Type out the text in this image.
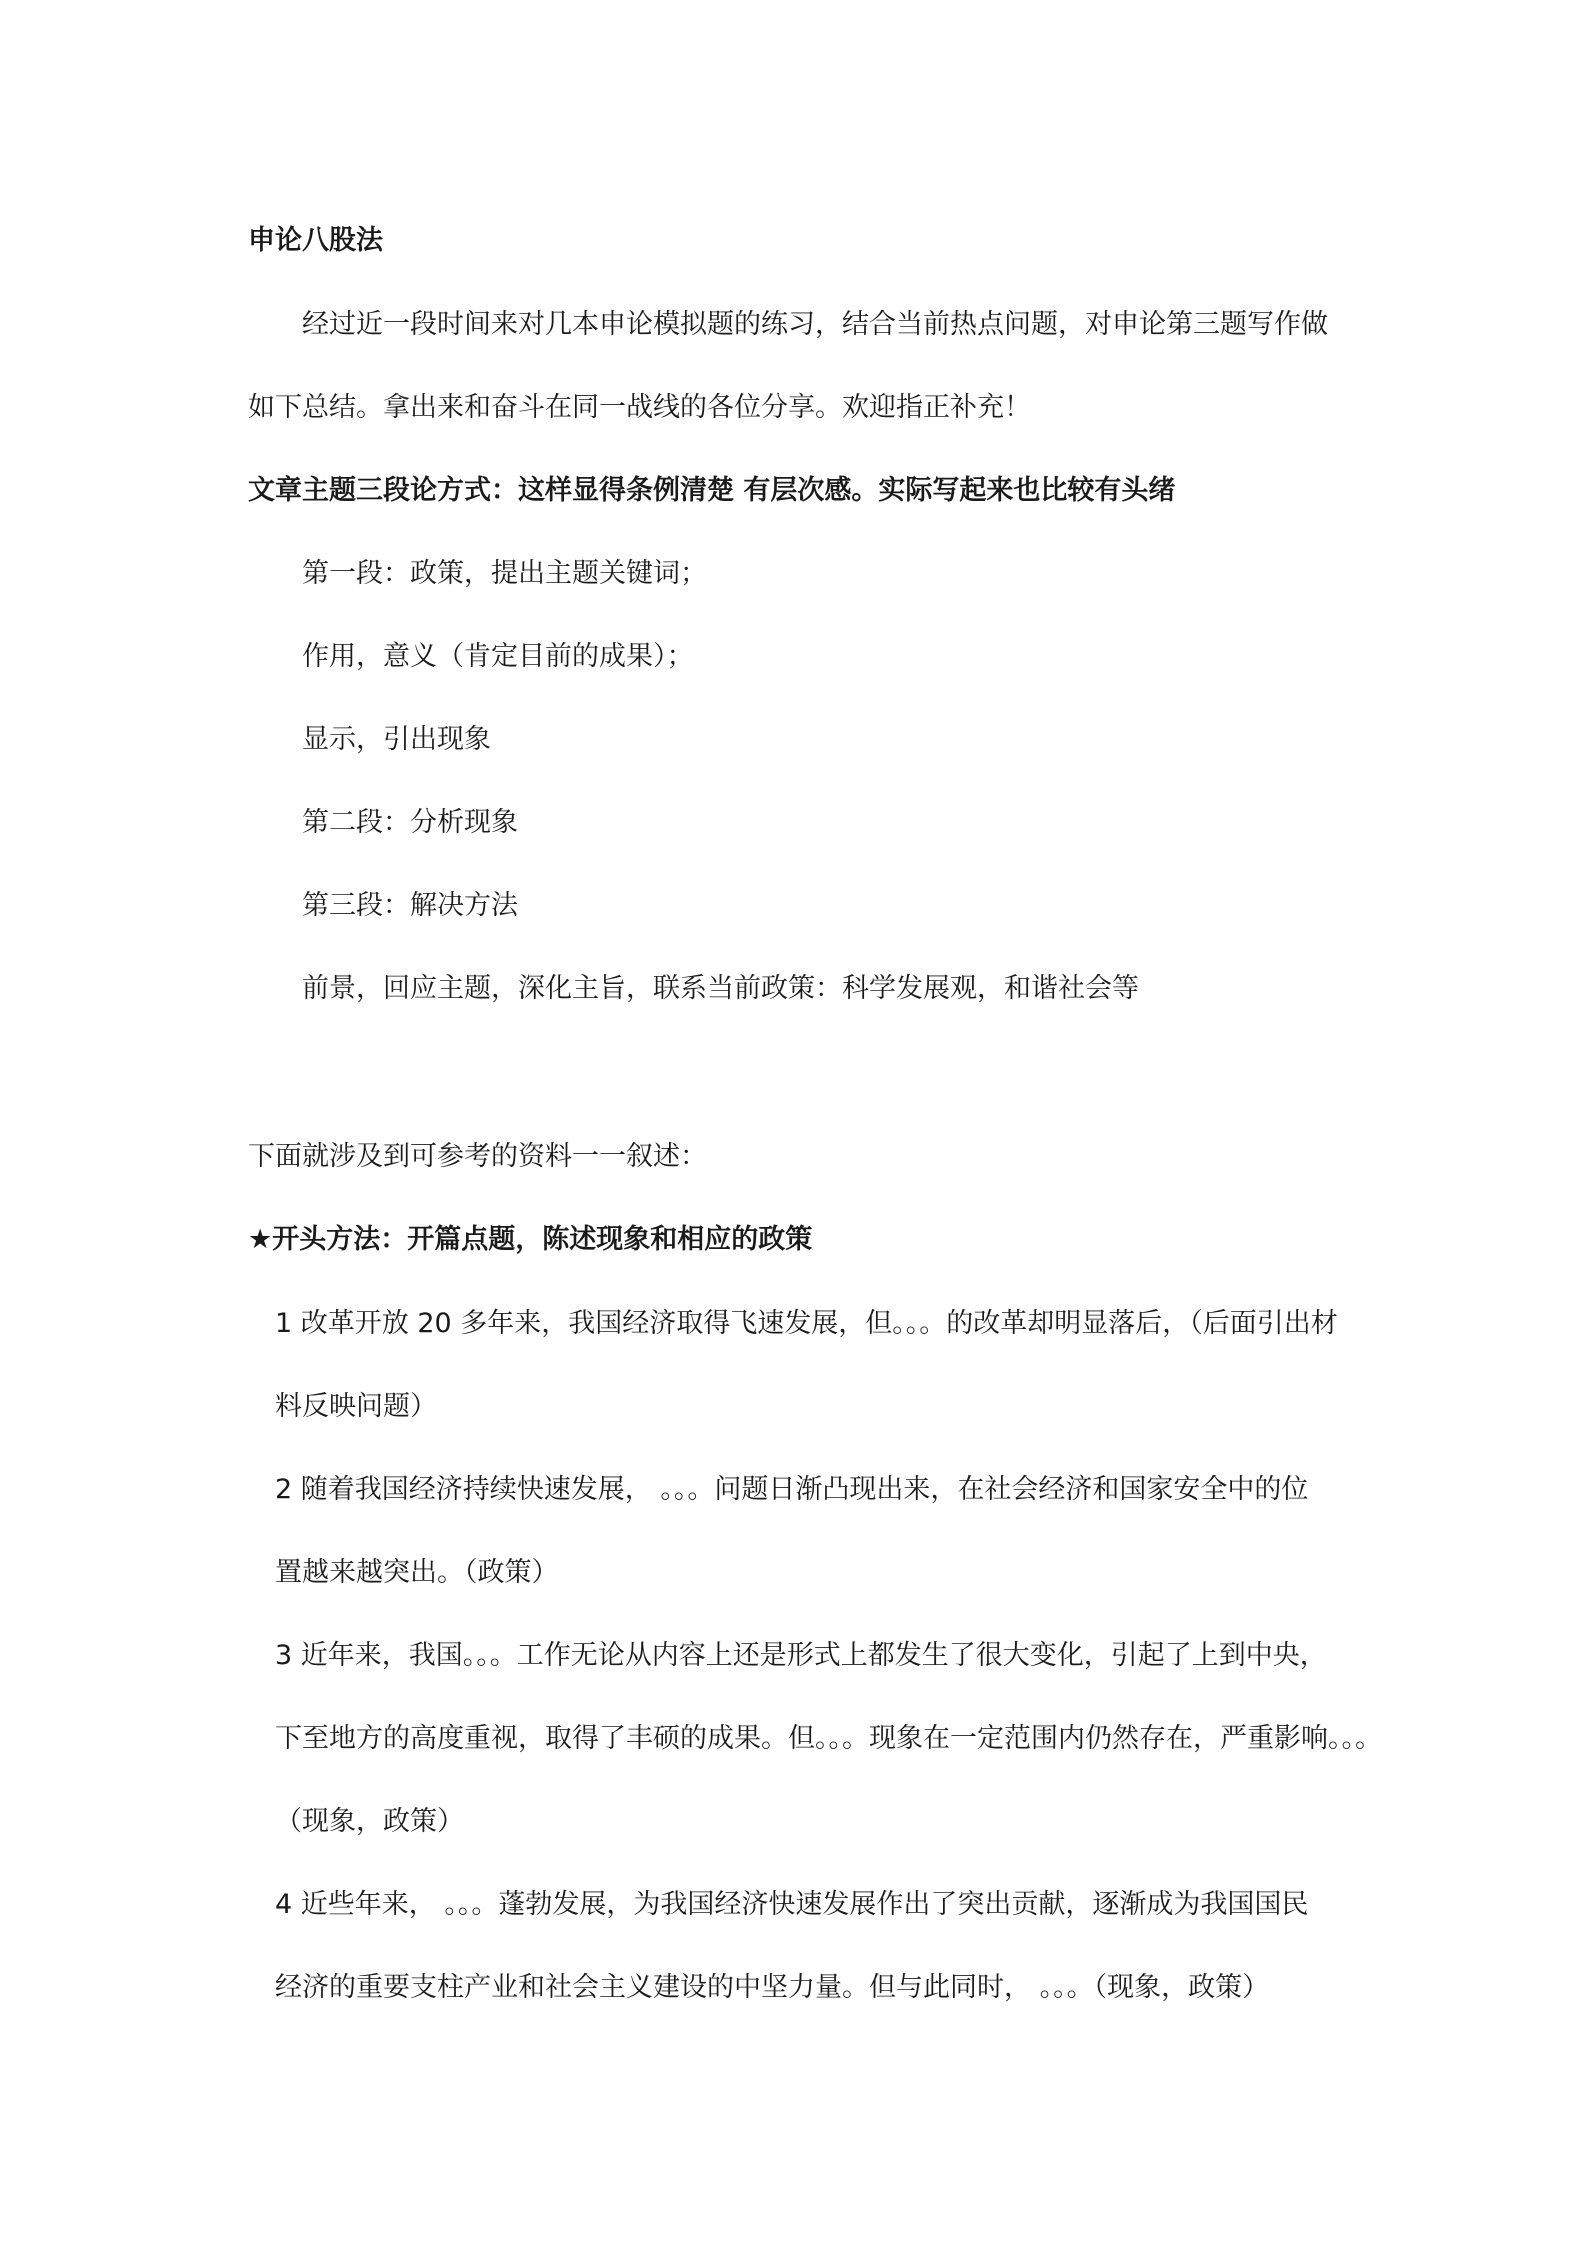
申论八股法
经过近一段时间来对几本申论模拟题的练习，结合当前热点问题，对申论第三题写作做
如下总结。拿出来和奋斗在同一战线的各位分享。欢迎指正补充！
文章主题三段论方式：这样显得条例清楚 有层次感。实际写起来也比较有头绪
第一段：政策，提出主题关键词；
作用，意义（肯定目前的成果）；
显示，引出现象
第二段：分析现象
第三段：解决方法
前景，回应主题，深化主旨，联系当前政策：科学发展观，和谐社会等
下面就涉及到可参考的资料一一叙述：
★开头方法：开篇点题，陈述现象和相应的政策
1 改革开放 20 多年来，我国经济取得飞速发展，但。。。的改革却明显落后，（后面引出材
料反映问题）
2 随着我国经济持续快速发展， 。。。问题日渐凸现出来，在社会经济和国家安全中的位
置越来越突出。（政策）
3 近年来，我国。。。工作无论从内容上还是形式上都发生了很大变化，引起了上到中央，
下至地方的高度重视，取得了丰硕的成果。但。。。现象在一定范围内仍然存在，严重影响。。。
（现象，政策）
4 近些年来， 。。。蓬勃发展，为我国经济快速发展作出了突出贡献，逐渐成为我国国民
经济的重要支柱产业和社会主义建设的中坚力量。但与此同时， 。。。（现象，政策）
